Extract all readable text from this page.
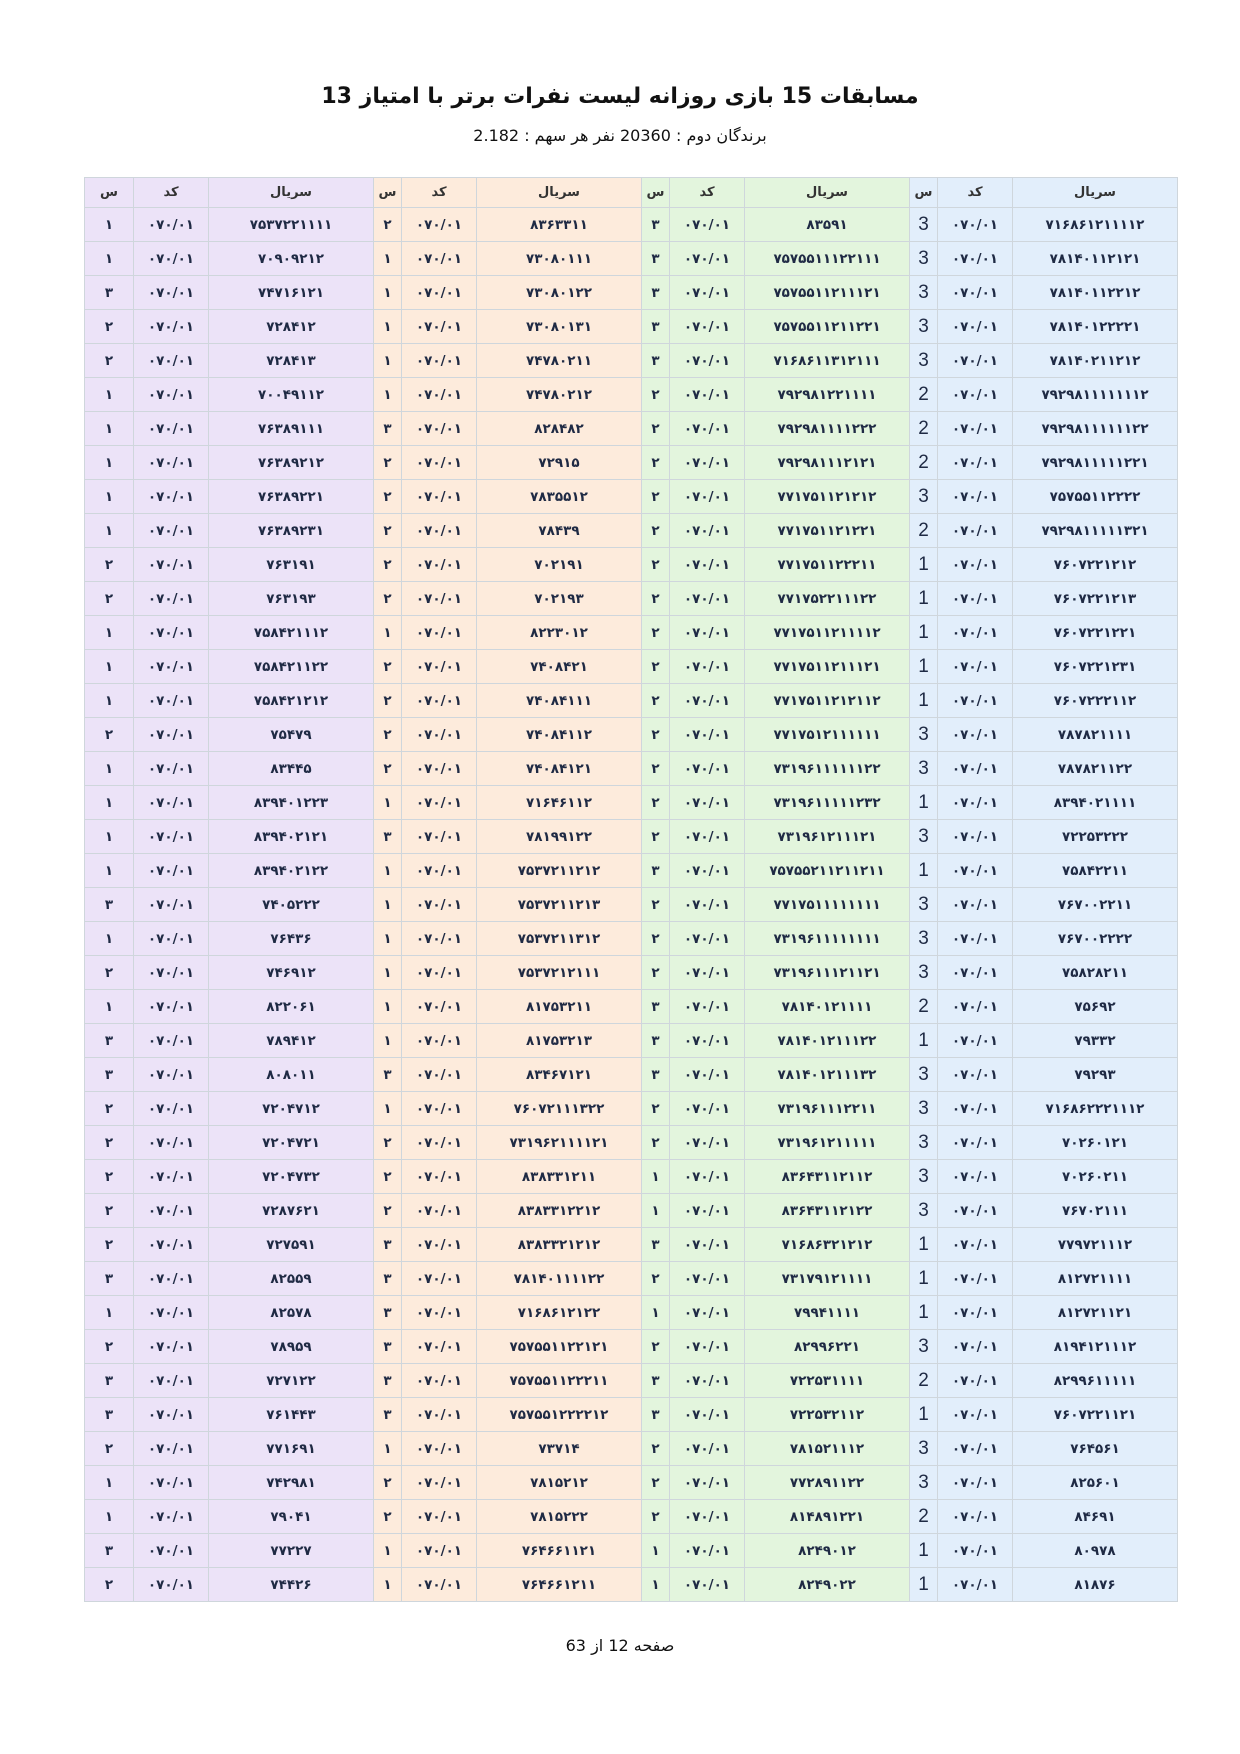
مسابقات 15 بازی روزانه لیست نفرات برتر با امتیاز 13
برندگان دوم : 20360 نفر هر سهم : 2.182
سریال	کد	س	سریال	کد	س	سریال	کد	س	سریال	کد	س
۷۱۶۸۶۱۲۱۱۱۱۲	۰۷۰/۰۱	3	۸۳۵۹۱	۰۷۰/۰۱	۳	۸۳۶۳۳۱۱	۰۷۰/۰۱	۲	۷۵۳۷۲۲۱۱۱۱	۰۷۰/۰۱	۱
۷۸۱۴۰۱۱۲۱۲۱	۰۷۰/۰۱	3	۷۵۷۵۵۱۱۱۲۲۱۱۱	۰۷۰/۰۱	۳	۷۳۰۸۰۱۱۱	۰۷۰/۰۱	۱	۷۰۹۰۹۲۱۲	۰۷۰/۰۱	۱
۷۸۱۴۰۱۱۲۲۱۲	۰۷۰/۰۱	3	۷۵۷۵۵۱۱۲۱۱۱۲۱	۰۷۰/۰۱	۳	۷۳۰۸۰۱۲۲	۰۷۰/۰۱	۱	۷۴۷۱۶۱۲۱	۰۷۰/۰۱	۳
۷۸۱۴۰۱۲۲۲۲۱	۰۷۰/۰۱	3	۷۵۷۵۵۱۱۲۱۱۲۲۱	۰۷۰/۰۱	۳	۷۳۰۸۰۱۳۱	۰۷۰/۰۱	۱	۷۲۸۴۱۲	۰۷۰/۰۱	۲
۷۸۱۴۰۲۱۱۲۱۲	۰۷۰/۰۱	3	۷۱۶۸۶۱۱۳۱۲۱۱۱	۰۷۰/۰۱	۳	۷۴۷۸۰۲۱۱	۰۷۰/۰۱	۱	۷۲۸۴۱۳	۰۷۰/۰۱	۲
۷۹۲۹۸۱۱۱۱۱۱۱۲	۰۷۰/۰۱	2	۷۹۲۹۸۱۲۲۱۱۱۱	۰۷۰/۰۱	۲	۷۴۷۸۰۲۱۲	۰۷۰/۰۱	۱	۷۰۰۴۹۱۱۲	۰۷۰/۰۱	۱
۷۹۲۹۸۱۱۱۱۱۱۲۲	۰۷۰/۰۱	2	۷۹۲۹۸۱۱۱۱۲۲۲	۰۷۰/۰۱	۲	۸۲۸۴۸۲	۰۷۰/۰۱	۳	۷۶۳۸۹۱۱۱	۰۷۰/۰۱	۱
۷۹۲۹۸۱۱۱۱۱۲۲۱	۰۷۰/۰۱	2	۷۹۲۹۸۱۱۱۲۱۲۱	۰۷۰/۰۱	۲	۷۲۹۱۵	۰۷۰/۰۱	۲	۷۶۳۸۹۲۱۲	۰۷۰/۰۱	۱
۷۵۷۵۵۱۱۲۲۲۲	۰۷۰/۰۱	3	۷۷۱۷۵۱۱۲۱۲۱۲	۰۷۰/۰۱	۲	۷۸۳۵۵۱۲	۰۷۰/۰۱	۲	۷۶۳۸۹۲۲۱	۰۷۰/۰۱	۱
۷۹۲۹۸۱۱۱۱۱۳۲۱	۰۷۰/۰۱	2	۷۷۱۷۵۱۱۲۱۲۲۱	۰۷۰/۰۱	۲	۷۸۴۳۹	۰۷۰/۰۱	۲	۷۶۳۸۹۲۳۱	۰۷۰/۰۱	۱
۷۶۰۷۲۲۱۲۱۲	۰۷۰/۰۱	1	۷۷۱۷۵۱۱۲۲۲۱۱	۰۷۰/۰۱	۲	۷۰۲۱۹۱	۰۷۰/۰۱	۲	۷۶۳۱۹۱	۰۷۰/۰۱	۲
۷۶۰۷۲۲۱۲۱۳	۰۷۰/۰۱	1	۷۷۱۷۵۲۲۱۱۱۲۲	۰۷۰/۰۱	۲	۷۰۲۱۹۳	۰۷۰/۰۱	۲	۷۶۳۱۹۳	۰۷۰/۰۱	۲
۷۶۰۷۲۲۱۲۲۱	۰۷۰/۰۱	1	۷۷۱۷۵۱۱۲۱۱۱۱۲	۰۷۰/۰۱	۲	۸۲۲۳۰۱۲	۰۷۰/۰۱	۱	۷۵۸۴۲۱۱۱۲	۰۷۰/۰۱	۱
۷۶۰۷۲۲۱۲۳۱	۰۷۰/۰۱	1	۷۷۱۷۵۱۱۲۱۱۱۲۱	۰۷۰/۰۱	۲	۷۴۰۸۴۲۱	۰۷۰/۰۱	۲	۷۵۸۴۲۱۱۲۲	۰۷۰/۰۱	۱
۷۶۰۷۲۲۲۱۱۲	۰۷۰/۰۱	1	۷۷۱۷۵۱۱۲۱۲۱۱۲	۰۷۰/۰۱	۲	۷۴۰۸۴۱۱۱	۰۷۰/۰۱	۲	۷۵۸۴۲۱۲۱۲	۰۷۰/۰۱	۱
۷۸۷۸۲۱۱۱۱	۰۷۰/۰۱	3	۷۷۱۷۵۱۲۱۱۱۱۱۱	۰۷۰/۰۱	۲	۷۴۰۸۴۱۱۲	۰۷۰/۰۱	۲	۷۵۴۷۹	۰۷۰/۰۱	۲
۷۸۷۸۲۱۱۲۲	۰۷۰/۰۱	3	۷۳۱۹۶۱۱۱۱۱۱۲۲	۰۷۰/۰۱	۲	۷۴۰۸۴۱۲۱	۰۷۰/۰۱	۲	۸۳۴۴۵	۰۷۰/۰۱	۱
۸۳۹۴۰۲۱۱۱۱	۰۷۰/۰۱	1	۷۳۱۹۶۱۱۱۱۱۲۳۲	۰۷۰/۰۱	۲	۷۱۶۴۶۱۱۲	۰۷۰/۰۱	۱	۸۳۹۴۰۱۲۲۳	۰۷۰/۰۱	۱
۷۲۲۵۳۲۲۲	۰۷۰/۰۱	3	۷۳۱۹۶۱۲۱۱۱۲۱	۰۷۰/۰۱	۲	۷۸۱۹۹۱۲۲	۰۷۰/۰۱	۳	۸۳۹۴۰۲۱۲۱	۰۷۰/۰۱	۱
۷۵۸۴۲۲۱۱	۰۷۰/۰۱	1	۷۵۷۵۵۲۱۱۲۱۱۲۱۱	۰۷۰/۰۱	۳	۷۵۳۷۲۱۱۲۱۲	۰۷۰/۰۱	۱	۸۳۹۴۰۲۱۲۲	۰۷۰/۰۱	۱
۷۶۷۰۰۲۲۱۱	۰۷۰/۰۱	3	۷۷۱۷۵۱۱۱۱۱۱۱۱	۰۷۰/۰۱	۲	۷۵۳۷۲۱۱۲۱۳	۰۷۰/۰۱	۱	۷۴۰۵۲۲۲	۰۷۰/۰۱	۳
۷۶۷۰۰۲۲۲۲	۰۷۰/۰۱	3	۷۳۱۹۶۱۱۱۱۱۱۱۱	۰۷۰/۰۱	۲	۷۵۳۷۲۱۱۳۱۲	۰۷۰/۰۱	۱	۷۶۴۳۶	۰۷۰/۰۱	۱
۷۵۸۲۸۲۱۱	۰۷۰/۰۱	3	۷۳۱۹۶۱۱۱۲۱۱۲۱	۰۷۰/۰۱	۲	۷۵۳۷۲۱۲۱۱۱	۰۷۰/۰۱	۱	۷۴۶۹۱۲	۰۷۰/۰۱	۲
۷۵۶۹۲	۰۷۰/۰۱	2	۷۸۱۴۰۱۲۱۱۱۱	۰۷۰/۰۱	۳	۸۱۷۵۳۲۱۱	۰۷۰/۰۱	۱	۸۲۲۰۶۱	۰۷۰/۰۱	۱
۷۹۳۳۲	۰۷۰/۰۱	1	۷۸۱۴۰۱۲۱۱۱۲۲	۰۷۰/۰۱	۳	۸۱۷۵۳۲۱۳	۰۷۰/۰۱	۱	۷۸۹۴۱۲	۰۷۰/۰۱	۳
۷۹۲۹۳	۰۷۰/۰۱	3	۷۸۱۴۰۱۲۱۱۱۳۲	۰۷۰/۰۱	۳	۸۳۴۶۷۱۲۱	۰۷۰/۰۱	۳	۸۰۸۰۱۱	۰۷۰/۰۱	۳
۷۱۶۸۶۲۲۲۱۱۱۲	۰۷۰/۰۱	3	۷۳۱۹۶۱۱۱۲۲۱۱	۰۷۰/۰۱	۲	۷۶۰۷۲۱۱۱۳۲۲	۰۷۰/۰۱	۱	۷۲۰۴۷۱۲	۰۷۰/۰۱	۲
۷۰۲۶۰۱۲۱	۰۷۰/۰۱	3	۷۳۱۹۶۱۲۱۱۱۱۱	۰۷۰/۰۱	۲	۷۳۱۹۶۲۱۱۱۱۲۱	۰۷۰/۰۱	۲	۷۲۰۴۷۲۱	۰۷۰/۰۱	۲
۷۰۲۶۰۲۱۱	۰۷۰/۰۱	3	۸۳۶۴۳۱۱۲۱۱۲	۰۷۰/۰۱	۱	۸۳۸۳۳۱۲۱۱	۰۷۰/۰۱	۲	۷۲۰۴۷۳۲	۰۷۰/۰۱	۲
۷۶۷۰۲۱۱۱	۰۷۰/۰۱	3	۸۳۶۴۳۱۱۲۱۲۲	۰۷۰/۰۱	۱	۸۳۸۳۳۱۲۲۱۲	۰۷۰/۰۱	۲	۷۲۸۷۶۲۱	۰۷۰/۰۱	۲
۷۷۹۷۲۱۱۱۲	۰۷۰/۰۱	1	۷۱۶۸۶۳۲۱۲۱۲	۰۷۰/۰۱	۳	۸۳۸۳۳۲۱۲۱۲	۰۷۰/۰۱	۳	۷۲۷۵۹۱	۰۷۰/۰۱	۲
۸۱۲۷۲۱۱۱۱	۰۷۰/۰۱	1	۷۳۱۷۹۱۲۱۱۱۱	۰۷۰/۰۱	۲	۷۸۱۴۰۱۱۱۱۲۲	۰۷۰/۰۱	۳	۸۲۵۵۹	۰۷۰/۰۱	۳
۸۱۲۷۲۱۱۲۱	۰۷۰/۰۱	1	۷۹۹۴۱۱۱۱	۰۷۰/۰۱	۱	۷۱۶۸۶۱۲۱۲۲	۰۷۰/۰۱	۳	۸۲۵۷۸	۰۷۰/۰۱	۱
۸۱۹۴۱۲۱۱۱۲	۰۷۰/۰۱	3	۸۲۹۹۶۲۲۱	۰۷۰/۰۱	۲	۷۵۷۵۵۱۱۲۲۱۲۱	۰۷۰/۰۱	۳	۷۸۹۵۹	۰۷۰/۰۱	۲
۸۲۹۹۶۱۱۱۱۱	۰۷۰/۰۱	2	۷۲۲۵۳۱۱۱۱	۰۷۰/۰۱	۳	۷۵۷۵۵۱۱۲۲۲۱۱	۰۷۰/۰۱	۳	۷۲۷۱۲۲	۰۷۰/۰۱	۳
۷۶۰۷۲۲۱۱۲۱	۰۷۰/۰۱	1	۷۲۲۵۳۲۱۱۲	۰۷۰/۰۱	۳	۷۵۷۵۵۱۲۲۲۲۱۲	۰۷۰/۰۱	۳	۷۶۱۴۴۳	۰۷۰/۰۱	۳
۷۶۴۵۶۱	۰۷۰/۰۱	3	۷۸۱۵۲۱۱۱۲	۰۷۰/۰۱	۲	۷۳۷۱۴	۰۷۰/۰۱	۱	۷۷۱۶۹۱	۰۷۰/۰۱	۲
۸۲۵۶۰۱	۰۷۰/۰۱	3	۷۷۲۸۹۱۱۲۲	۰۷۰/۰۱	۲	۷۸۱۵۲۱۲	۰۷۰/۰۱	۲	۷۴۲۹۸۱	۰۷۰/۰۱	۱
۸۴۶۹۱	۰۷۰/۰۱	2	۸۱۴۸۹۱۲۲۱	۰۷۰/۰۱	۲	۷۸۱۵۲۲۲	۰۷۰/۰۱	۲	۷۹۰۴۱	۰۷۰/۰۱	۱
۸۰۹۷۸	۰۷۰/۰۱	1	۸۲۴۹۰۱۲	۰۷۰/۰۱	۱	۷۶۴۶۶۱۱۲۱	۰۷۰/۰۱	۱	۷۷۲۲۷	۰۷۰/۰۱	۳
۸۱۸۷۶	۰۷۰/۰۱	1	۸۲۴۹۰۲۲	۰۷۰/۰۱	۱	۷۶۴۶۶۱۲۱۱	۰۷۰/۰۱	۱	۷۴۴۲۶	۰۷۰/۰۱	۲
صفحه 12 از 63
